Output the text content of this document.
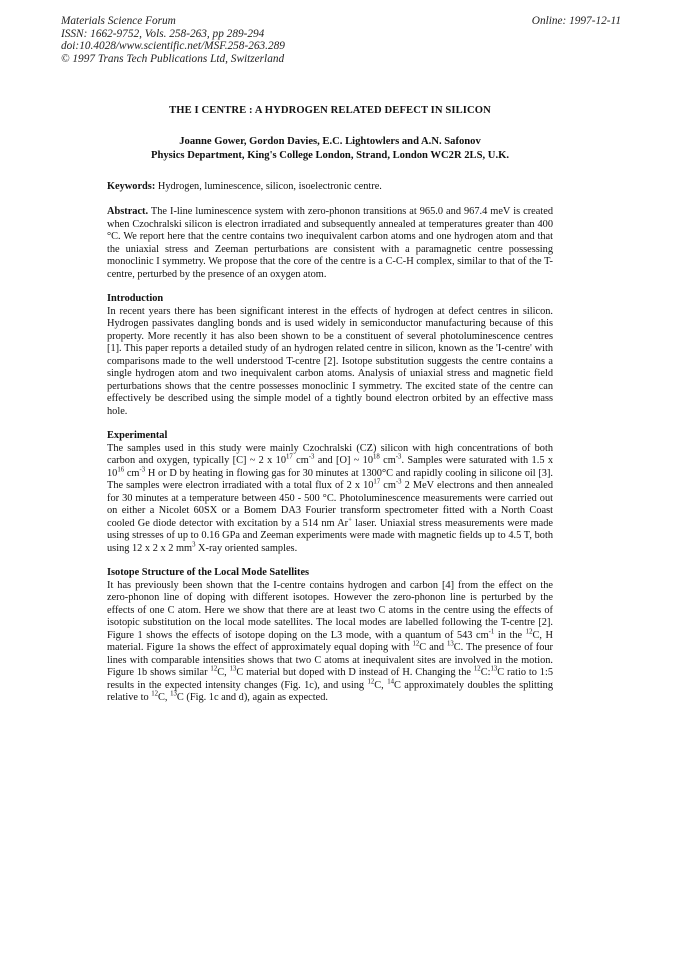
Materials Science Forum
ISSN: 1662-9752, Vols. 258-263, pp 289-294
doi:10.4028/www.scientific.net/MSF.258-263.289
© 1997 Trans Tech Publications Ltd, Switzerland
Online: 1997-12-11
THE I CENTRE : A HYDROGEN RELATED DEFECT IN SILICON
Joanne Gower, Gordon Davies, E.C. Lightowlers and A.N. Safonov
Physics Department, King's College London, Strand, London WC2R 2LS, U.K.
Keywords: Hydrogen, luminescence, silicon, isoelectronic centre.
Abstract. The I-line luminescence system with zero-phonon transitions at 965.0 and 967.4 meV is created when Czochralski silicon is electron irradiated and subsequently annealed at temperatures greater than 400 °C. We report here that the centre contains two inequivalent carbon atoms and one hydrogen atom and that the uniaxial stress and Zeeman perturbations are consistent with a paramagnetic centre possessing monoclinic I symmetry. We propose that the core of the centre is a C-C-H complex, similar to that of the T-centre, perturbed by the presence of an oxygen atom.
Introduction
In recent years there has been significant interest in the effects of hydrogen at defect centres in silicon. Hydrogen passivates dangling bonds and is used widely in semiconductor manufacturing because of this property. More recently it has also been shown to be a constituent of several photoluminescence centres [1]. This paper reports a detailed study of an hydrogen related centre in silicon, known as the 'I-centre' with comparisons made to the well understood T-centre [2]. Isotope substitution suggests the centre contains a single hydrogen atom and two inequivalent carbon atoms. Analysis of uniaxial stress and magnetic field perturbations shows that the centre possesses monoclinic I symmetry. The excited state of the centre can effectively be described using the simple model of a tightly bound electron orbited by an effective mass hole.
Experimental
The samples used in this study were mainly Czochralski (CZ) silicon with high concentrations of both carbon and oxygen, typically [C] ~ 2 x $10^{17}$ $cm^{-3}$ and [O] ~ $10^{18}$ $cm^{-3}$. Samples were saturated with 1.5 x $10^{16}$ $cm^{-3}$ H or D by heating in flowing gas for 30 minutes at 1300°C and rapidly cooling in silicone oil [3]. The samples were electron irradiated with a total flux of 2 x $10^{17}$ $cm^{-3}$ 2 MeV electrons and then annealed for 30 minutes at a temperature between 450 - 500 °C. Photoluminescence measurements were carried out on either a Nicolet 60SX or a Bomem DA3 Fourier transform spectrometer fitted with a North Coast cooled Ge diode detector with excitation by a 514 nm Ar+ laser. Uniaxial stress measurements were made using stresses of up to 0.16 GPa and Zeeman experiments were made with magnetic fields up to 4.5 T, both using 12 x 2 x 2 $mm^3$ X-ray oriented samples.
Isotope Structure of the Local Mode Satellites
It has previously been shown that the I-centre contains hydrogen and carbon [4] from the effect on the zero-phonon line of doping with different isotopes. However the zero-phonon line is perturbed by the effects of one C atom. Here we show that there are at least two C atoms in the centre using the effects of isotopic substitution on the local mode satellites. The local modes are labelled following the T-centre [2]. Figure 1 shows the effects of isotope doping on the L3 mode, with a quantum of 543 $cm^{-1}$ in the $^{12}$C, H material. Figure 1a shows the effect of approximately equal doping with $^{12}$C and $^{13}$C. The presence of four lines with comparable intensities shows that two C atoms at inequivalent sites are involved in the motion. Figure 1b shows similar $^{12}$C, $^{13}$C material but doped with D instead of H. Changing the $^{12}$C:$^{13}$C ratio to 1:5 results in the expected intensity changes (Fig. 1c), and using $^{12}$C, $^{14}$C approximately doubles the splitting relative to $^{12}$C, $^{13}$C (Fig. 1c and d), again as expected.
